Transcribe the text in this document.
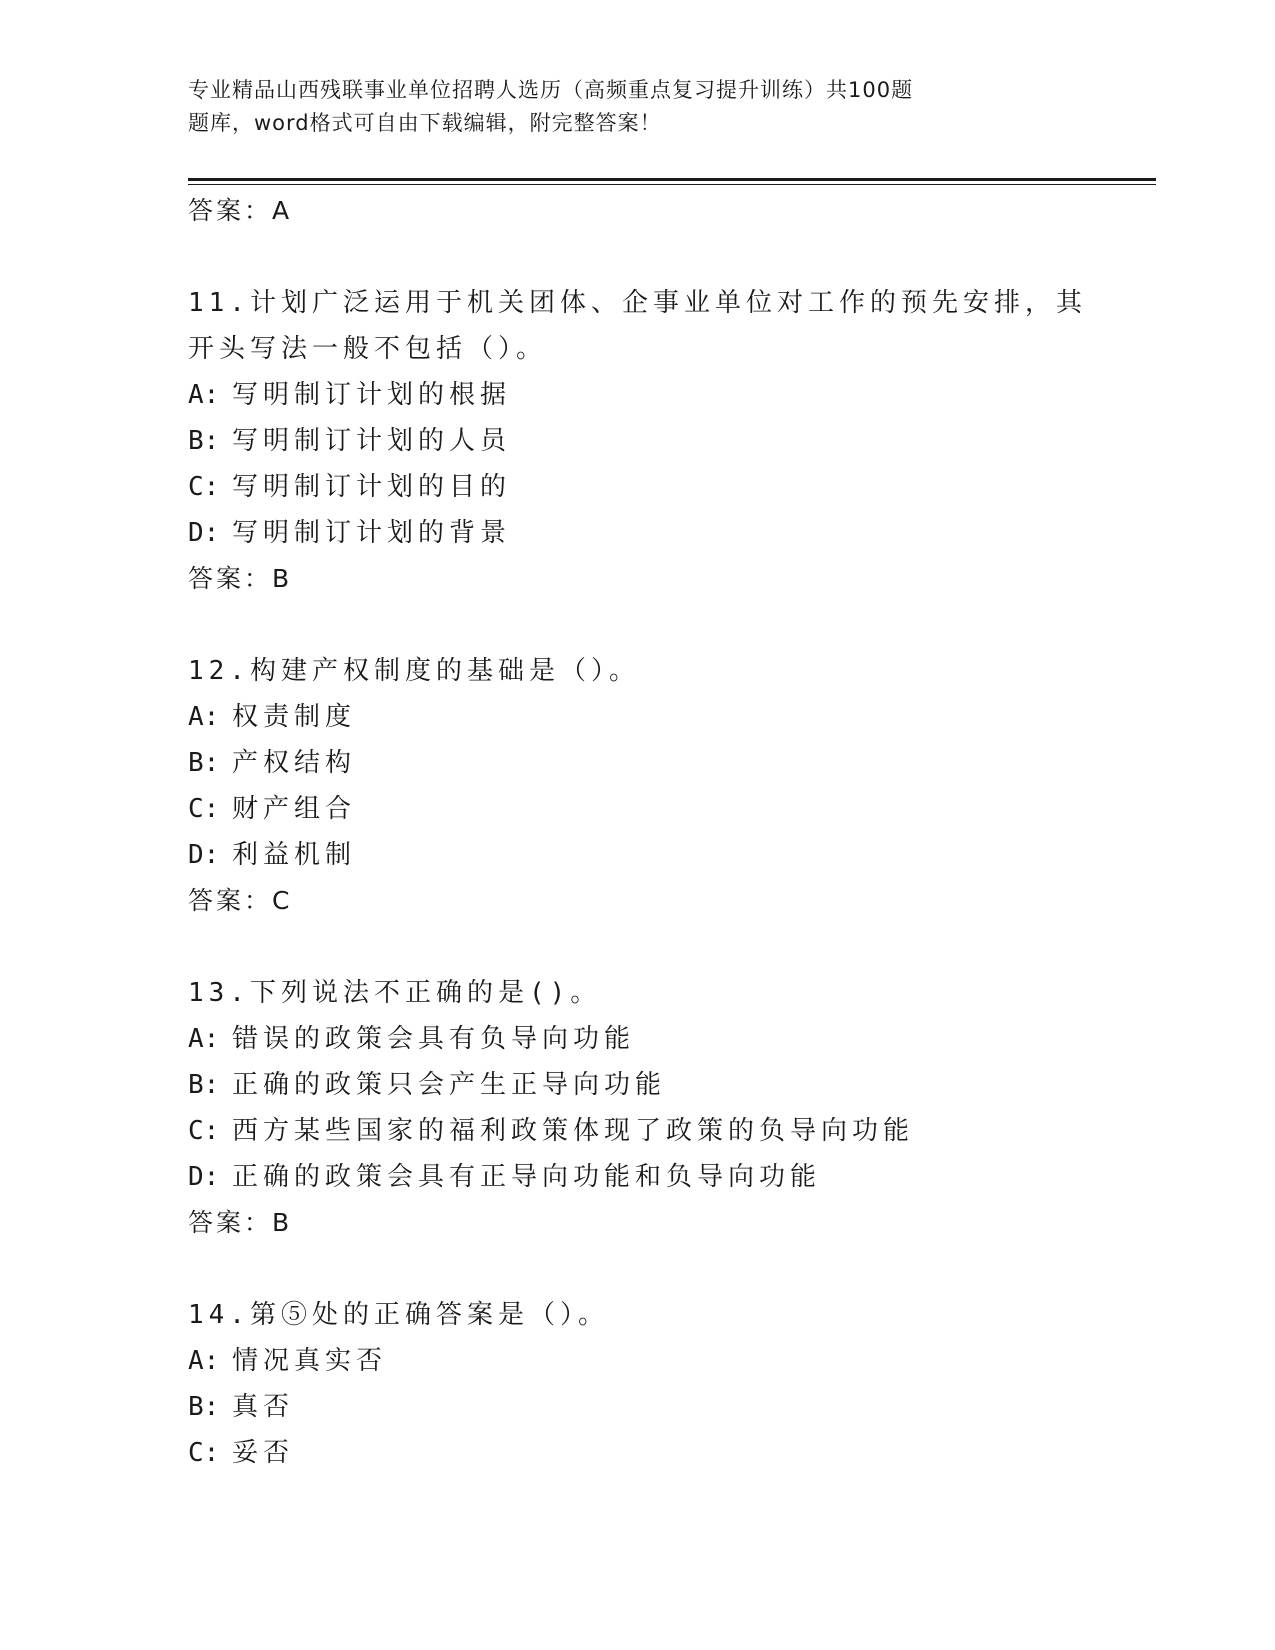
专业精品山西残联事业单位招聘人选历（高频重点复习提升训练）共100题
题库，word格式可自由下载编辑，附完整答案！
答案：A
11.计划广泛运用于机关团体、企事业单位对工作的预先安排，其开头写法一般不包括（）。
A: 写明制订计划的根据
B: 写明制订计划的人员
C: 写明制订计划的目的
D: 写明制订计划的背景
答案：B
12.构建产权制度的基础是（）。
A: 权责制度
B: 产权结构
C: 财产组合
D: 利益机制
答案：C
13.下列说法不正确的是()。
A: 错误的政策会具有负导向功能
B: 正确的政策只会产生正导向功能
C: 西方某些国家的福利政策体现了政策的负导向功能
D: 正确的政策会具有正导向功能和负导向功能
答案：B
14.第⑤处的正确答案是（）。
A: 情况真实否
B: 真否
C: 妥否
